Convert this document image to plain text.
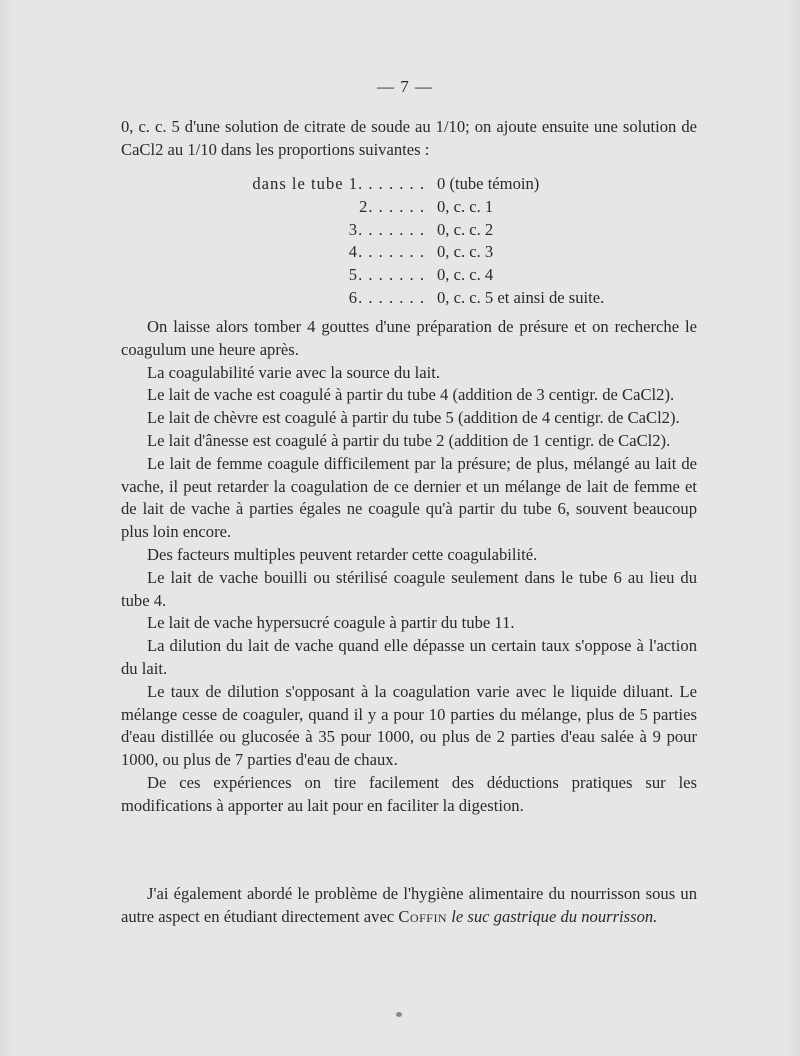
— 7 —

0, c. c. 5 d'une solution de citrate de soude au 1/10; on ajoute ensuite une solution de CaCl2 au 1/10 dans les proportions suivantes :

dans le tube 1. . . . . . . 0 (tube témoin)
2. . . . . . 0, c. c. 1
3. . . . . . . 0, c. c. 2
4. . . . . . . 0, c. c. 3
5. . . . . . . 0, c. c. 4
6. . . . . . . 0, c. c. 5 et ainsi de suite.

On laisse alors tomber 4 gouttes d'une préparation de présure et on recherche le coagulum une heure après.

La coagulabilité varie avec la source du lait.

Le lait de vache est coagulé à partir du tube 4 (addition de 3 centigr. de CaCl2).

Le lait de chèvre est coagulé à partir du tube 5 (addition de 4 centigr. de CaCl2).

Le lait d'ânesse est coagulé à partir du tube 2 (addition de 1 centigr. de CaCl2).

Le lait de femme coagule difficilement par la présure; de plus, mélangé au lait de vache, il peut retarder la coagulation de ce dernier et un mélange de lait de femme et de lait de vache à parties égales ne coagule qu'à partir du tube 6, souvent beaucoup plus loin encore.

Des facteurs multiples peuvent retarder cette coagulabilité.

Le lait de vache bouilli ou stérilisé coagule seulement dans le tube 6 au lieu du tube 4.

Le lait de vache hypersucré coagule à partir du tube 11.

La dilution du lait de vache quand elle dépasse un certain taux s'oppose à l'action du lait.

Le taux de dilution s'opposant à la coagulation varie avec le liquide diluant. Le mélange cesse de coaguler, quand il y a pour 10 parties du mélange, plus de 5 parties d'eau distillée ou glucosée à 35 pour 1000, ou plus de 2 parties d'eau salée à 9 pour 1000, ou plus de 7 parties d'eau de chaux.

De ces expériences on tire facilement des déductions pratiques sur les modifications à apporter au lait pour en faciliter la digestion.

J'ai également abordé le problème de l'hygiène alimentaire du nourrisson sous un autre aspect en étudiant directement avec Coffin le suc gastrique du nourrisson.
